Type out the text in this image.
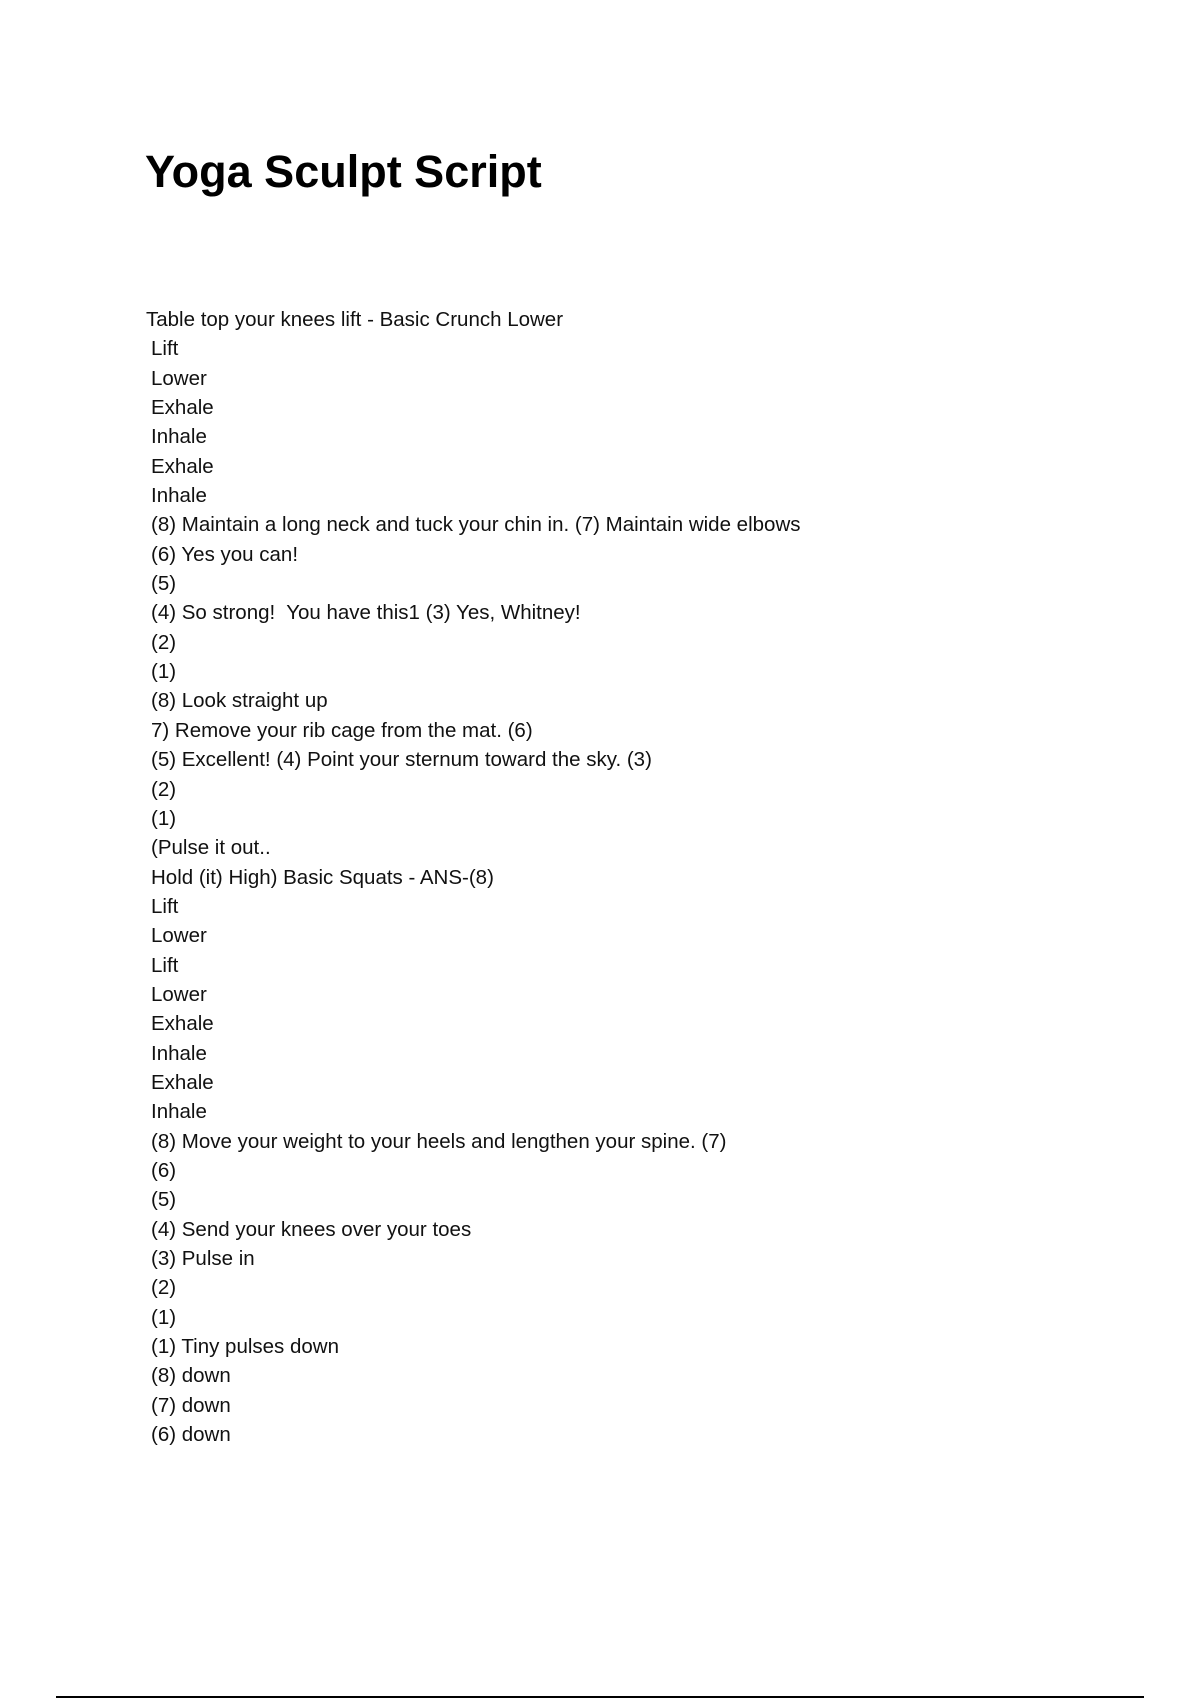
Yoga Sculpt Script
Table top your knees lift - Basic Crunch Lower
Lift
Lower
Exhale
Inhale
Exhale
Inhale
(8) Maintain a long neck and tuck your chin in. (7) Maintain wide elbows
(6) Yes you can!
(5)
(4) So strong!  You have this1 (3) Yes, Whitney!
(2)
(1)
(8) Look straight up
7) Remove your rib cage from the mat. (6)
(5) Excellent! (4) Point your sternum toward the sky. (3)
(2)
(1)
(Pulse it out..
Hold (it) High) Basic Squats - ANS-(8)
Lift
Lower
Lift
Lower
Exhale
Inhale
Exhale
Inhale
(8) Move your weight to your heels and lengthen your spine. (7)
(6)
(5)
(4) Send your knees over your toes
(3) Pulse in
(2)
(1)
(1) Tiny pulses down
(8) down
(7) down
(6) down
